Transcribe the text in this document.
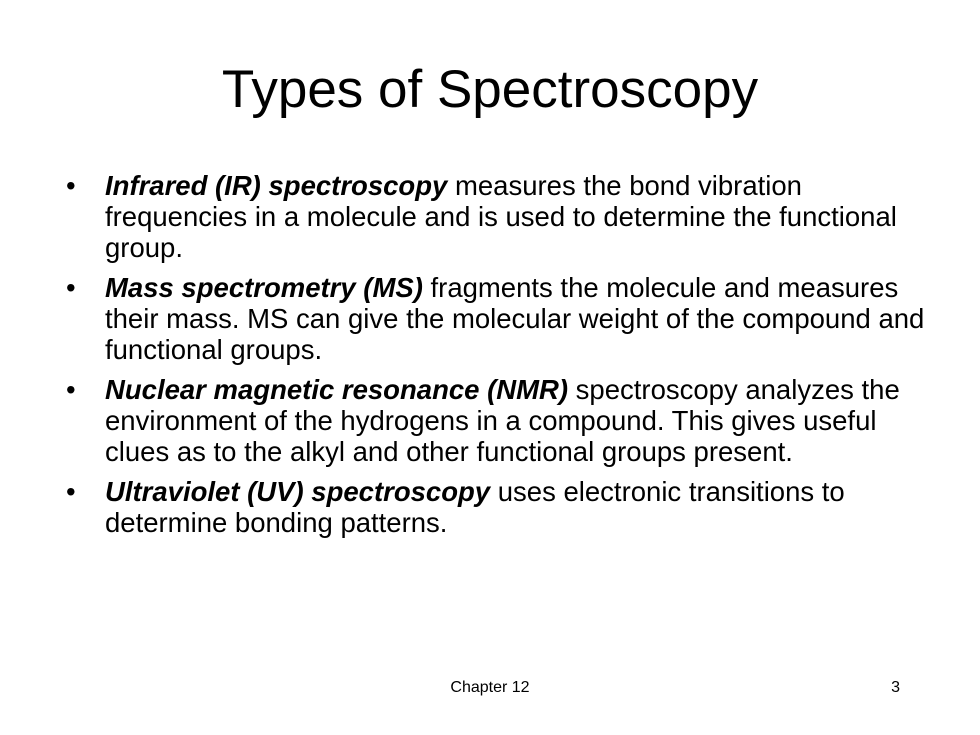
Types of Spectroscopy
•	Infrared (IR) spectroscopy measures the bond vibration frequencies in a molecule and is used to determine the functional group.
•	Mass spectrometry (MS) fragments the molecule and measures their mass. MS can give the molecular weight of the compound and functional groups.
•	Nuclear magnetic resonance (NMR) spectroscopy analyzes the environment of the hydrogens in a compound. This gives useful clues as to the alkyl and other functional groups present.
•	Ultraviolet (UV) spectroscopy uses electronic transitions to determine bonding patterns.
Chapter 12	3
